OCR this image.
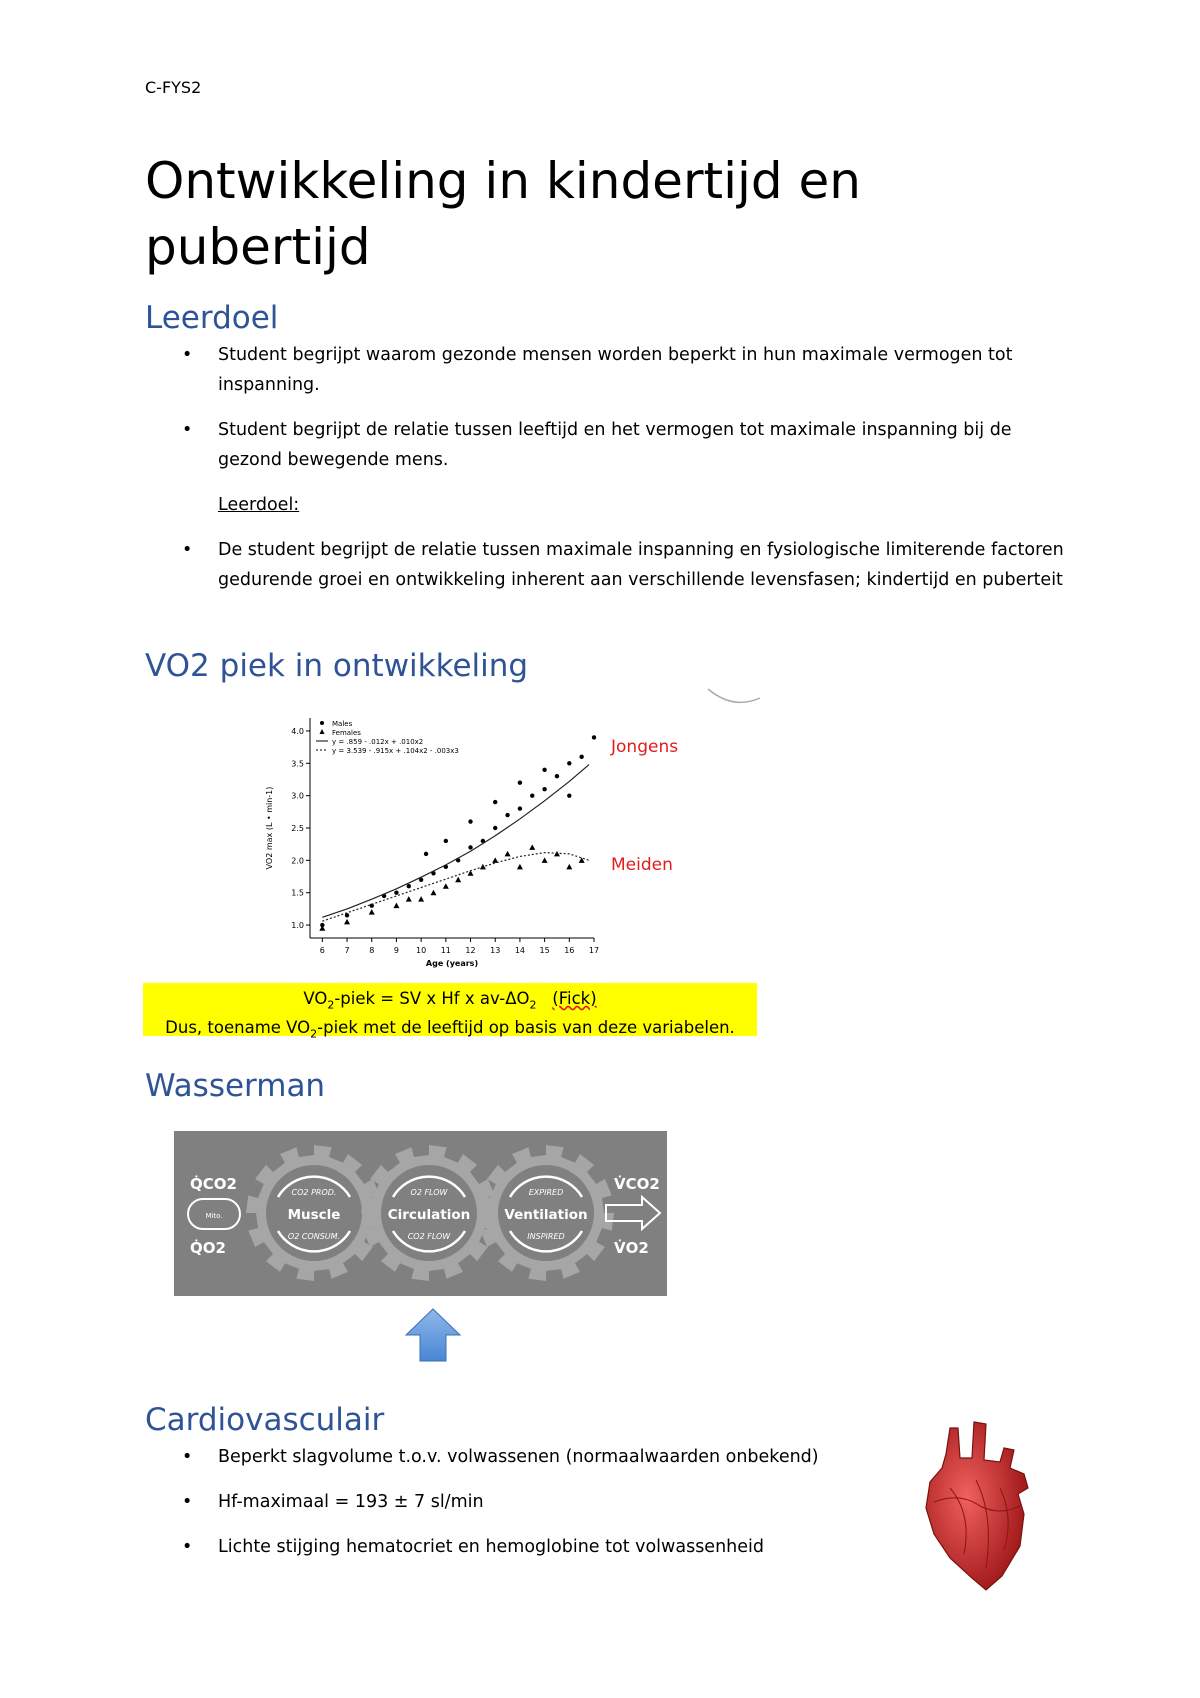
C-FYS2
Ontwikkeling in kindertijd en pubertijd
Leerdoel
• Student begrijpt waarom gezonde mensen worden beperkt in hun maximale vermogen tot inspanning.
• Student begrijpt de relatie tussen leeftijd en het vermogen tot maximale inspanning bij de gezond bewegende mens.
Leerdoel:
• De student begrijpt de relatie tussen maximale inspanning en fysiologische limiterende factoren gedurende groei en ontwikkeling inherent aan verschillende levensfasen; kindertijd en puberteit
VO2 piek in ontwikkeling
6 7 8 9 10 11 12 13 14 15 16 17
1.0
1.5
2.0
2.5
3.0
3.5
4.0
Age (years)
VO2 max (L • min-1)
Males
Females
y = .859 - .012x + .010x2
y = 3.539 - .915x + .104x2 - .003x3	Jongens
Meiden
$VO_2$-piek = SV x Hf x $av-\Delta O_2$ (Fick)
Dus, toename $VO_2$-piek met de leeftijd op basis van deze variabelen.
Wasserman
CO2 PROD.
Muscle
O2 CONSUM.
O2 FLOW
Circulation
CO2 FLOW
EXPIRED
Ventilation
INSPIRED
Mito.
Q̇CO2
Q̇O2
V̇CO2
V̇O2
Cardiovasculair
• Beperkt slagvolume t.o.v. volwassenen (normaalwaarden onbekend)
• Hf-maximaal = 193 ± 7 sl/min
• Lichte stijging hematocriet en hemoglobine tot volwassenheid
